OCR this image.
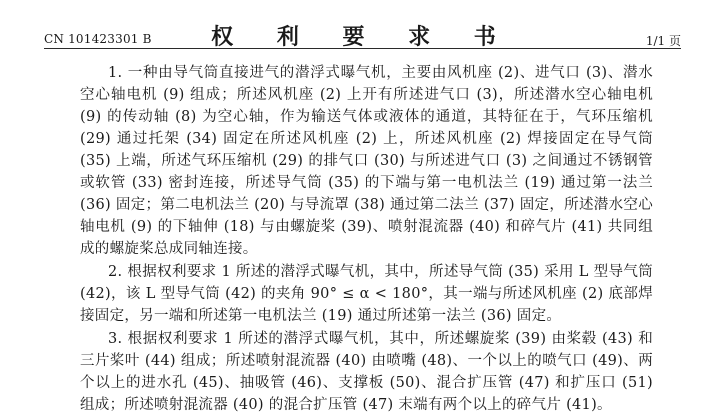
CN 101423301 B	权 利 要 求 书	1/1 页

1. 一种由导气筒直接进气的潜浮式曝气机，主要由风机座 (2)、进气口 (3)、潜水空心轴电机 (9) 组成；所述风机座 (2) 上开有所述进气口 (3)，所述潜水空心轴电机 (9) 的传动轴 (8) 为空心轴，作为输送气体或液体的通道，其特征在于，气环压缩机 (29) 通过托架 (34) 固定在所述风机座 (2) 上，所述风机座 (2) 焊接固定在导气筒 (35) 上端，所述气环压缩机 (29) 的排气口 (30) 与所述进气口 (3) 之间通过不锈钢管或软管 (33) 密封连接，所述导气筒 (35) 的下端与第一电机法兰 (19) 通过第一法兰 (36) 固定；第二电机法兰 (20) 与导流罩 (38) 通过第二法兰 (37) 固定，所述潜水空心轴电机 (9) 的下轴伸 (18) 与由螺旋桨 (39)、喷射混流器 (40) 和碎气片 (41) 共同组成的螺旋桨总成同轴连接。

2. 根据权利要求 1 所述的潜浮式曝气机，其中，所述导气筒 (35) 采用 L 型导气筒 (42)，该 L 型导气筒 (42) 的夹角 90° ≤ α < 180°，其一端与所述风机座 (2) 底部焊接固定，另一端和所述第一电机法兰 (19) 通过所述第一法兰 (36) 固定。

3. 根据权利要求 1 所述的潜浮式曝气机，其中，所述螺旋桨 (39) 由桨毂 (43) 和三片桨叶 (44) 组成；所述喷射混流器 (40) 由喷嘴 (48)、一个以上的喷气口 (49)、两个以上的进水孔 (45)、抽吸管 (46)、支撑板 (50)、混合扩压管 (47) 和扩压口 (51) 组成；所述喷射混流器 (40) 的混合扩压管 (47) 末端有两个以上的碎气片 (41)。
